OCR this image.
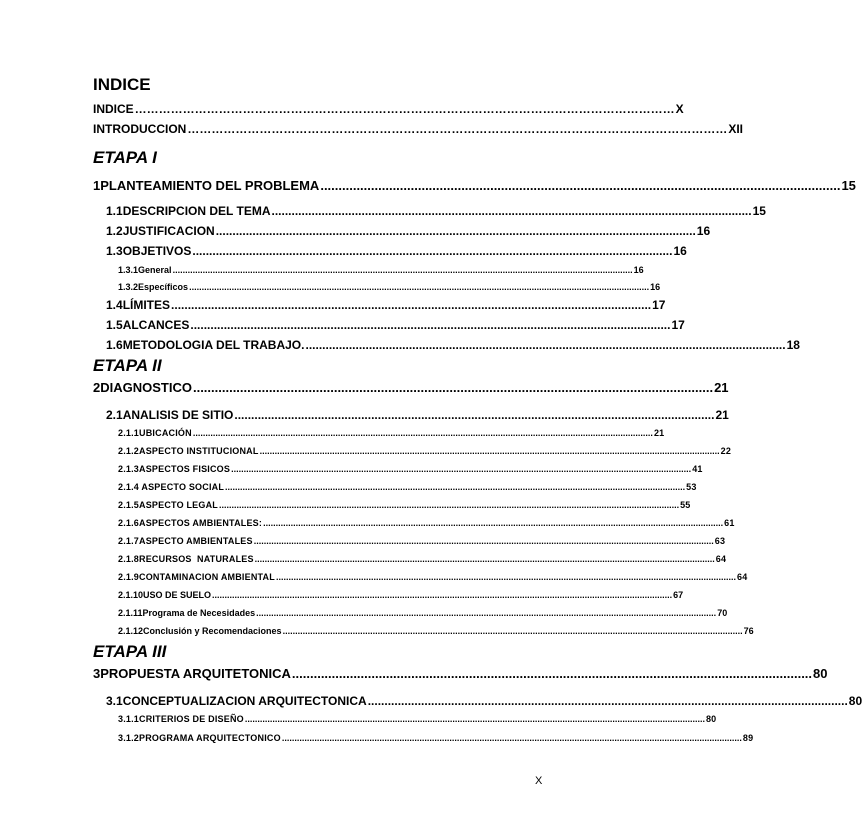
INDICE
INDICE ……………………………………………………………………………………………………………………… X
INTRODUCCION ……………………………………………………………………………………………………………………… XII
ETAPA I
1 PLANTEAMIENTO DEL PROBLEMA ................................................................................................................................................ 15
1.1 DESCRIPCION DEL TEMA ................................................................................................................................................ 15
1.2 JUSTIFICACION ................................................................................................................................................ 16
1.3 OBJETIVOS ................................................................................................................................................ 16
1.3.1 General ........................................................................................................................................................................................ 16
1.3.2 Específicos ........................................................................................................................................................................................ 16
1.4 LÍMITES ................................................................................................................................................ 17
1.5 ALCANCES ................................................................................................................................................ 17
1.6 METODOLOGIA DEL TRABAJO. ................................................................................................................................................ 18
ETAPA II
2 DIAGNOSTICO ................................................................................................................................................ 21
2.1 ANALISIS DE SITIO ................................................................................................................................................ 21
2.1.1 UBICACIÓN ........................................................................................................................................................................................ 21
2.1.2 ASPECTO INSTITUCIONAL ........................................................................................................................................................................................ 22
2.1.3 ASPECTOS FISICOS ........................................................................................................................................................................................ 41
2.1.4 ASPECTO SOCIAL ........................................................................................................................................................................................ 53
2.1.5 ASPECTO LEGAL ........................................................................................................................................................................................ 55
2.1.6 ASPECTOS AMBIENTALES: ........................................................................................................................................................................................ 61
2.1.7 ASPECTO AMBIENTALES ........................................................................................................................................................................................ 63
2.1.8 RECURSOS  NATURALES ........................................................................................................................................................................................ 64
2.1.9 CONTAMINACION AMBIENTAL ........................................................................................................................................................................................ 64
2.1.10 USO DE SUELO ........................................................................................................................................................................................ 67
2.1.11 Programa de Necesidades ........................................................................................................................................................................................ 70
2.1.12 Conclusión y Recomendaciones ........................................................................................................................................................................................ 76
ETAPA III
3 PROPUESTA ARQUITETONICA ................................................................................................................................................ 80
3.1 CONCEPTUALIZACION ARQUITECTONICA ................................................................................................................................................ 80
3.1.1 CRITERIOS DE DISEÑO ........................................................................................................................................................................................ 80
3.1.2 PROGRAMA ARQUITECTONICO ........................................................................................................................................................................................ 89
X
